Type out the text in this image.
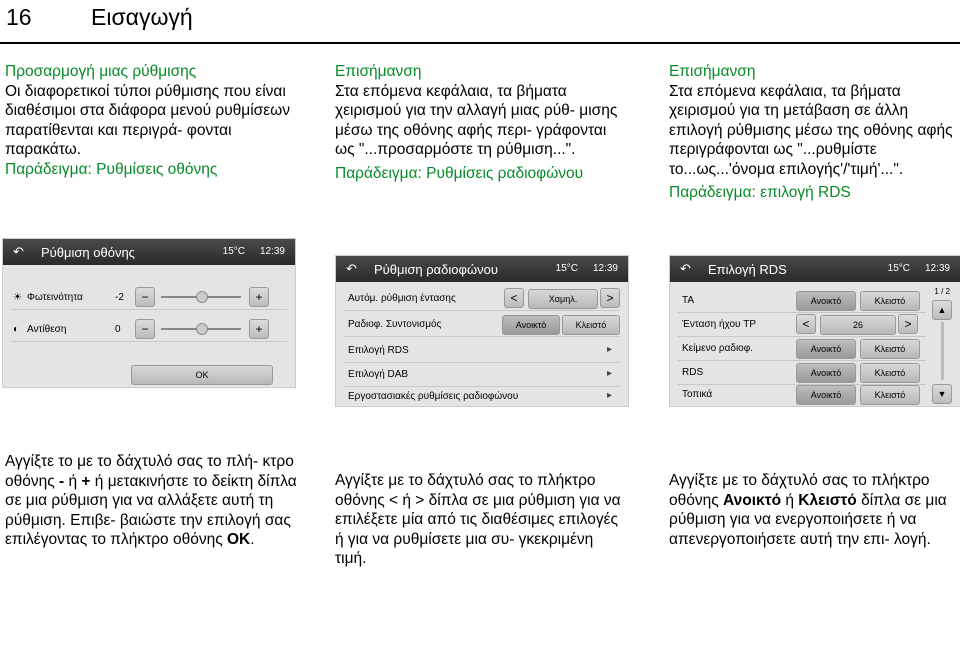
16	Εισαγωγή

Προσαρμογή μιας ρύθμισης

Οι διαφορετικοί τύποι ρύθμισης που είναι διαθέσιμοι στα διάφορα μενού ρυθμίσεων παρατίθενται και περιγρά- φονται παρακάτω.

Παράδειγμα: Ρυθμίσεις οθόνης

Επισήμανση

Στα επόμενα κεφάλαια, τα βήματα χειρισμού για την αλλαγή μιας ρύθ- μισης μέσω της οθόνης αφής περι- γράφονται ως "...προσαρμόστε τη ρύθμιση...".

Παράδειγμα: Ρυθμίσεις ραδιοφώνου

Επισήμανση

Στα επόμενα κεφάλαια, τα βήματα χειρισμού για τη μετάβαση σε άλλη επιλογή ρύθμισης μέσω της οθόνης αφής περιγράφονται ως "...ρυθμίστε το...ως...'όνομα επιλογής'/'τιμή'...".

Παράδειγμα: επιλογή RDS

↶ Ρύθμιση οθόνης	15°C 12:39
☀ Φωτεινότητα	-2	−	+
◐ Αντίθεση	0	−	+
OK
↶ Ρύθμιση ραδιοφώνου	15°C 12:39
Αυτόμ. ρύθμιση έντασης	<	Χαμηλ.	>
Ραδιοφ. Συντονισμός	Ανοικτό	Κλειστό
Επιλογή RDS	▸
Επιλογή DAB	▸
Εργοστασιακές ρυθμίσεις ραδιοφώνου	▸
↶ Επιλογή RDS	15°C 12:39
TA	Ανοικτό	Κλειστό
Ένταση ήχου TP	<	26	>
Κείμενο ραδιοφ.	Ανοικτό	Κλειστό
RDS	Ανοικτό	Κλειστό
Τοπικά	Ανοικτό	Κλειστό
1 / 2
▲
▼
Αγγίξτε το με το δάχτυλό σας το πλή- κτρο οθόνης - ή + ή μετακινήστε το δείκτη δίπλα σε μια ρύθμιση για να αλλάξετε αυτή τη ρύθμιση. Επιβε- βαιώστε την επιλογή σας επιλέγοντας το πλήκτρο οθόνης OK.
Αγγίξτε με το δάχτυλό σας το πλήκτρο οθόνης < ή > δίπλα σε μια ρύθμιση για να επιλέξετε μία από τις διαθέσιμες επιλογές ή για να ρυθμίσετε μια συ- γκεκριμένη τιμή.
Αγγίξτε με το δάχτυλό σας το πλήκτρο οθόνης Ανοικτό ή Κλειστό δίπλα σε μια ρύθμιση για να ενεργοποιήσετε ή να απενεργοποιήσετε αυτή την επι- λογή.
